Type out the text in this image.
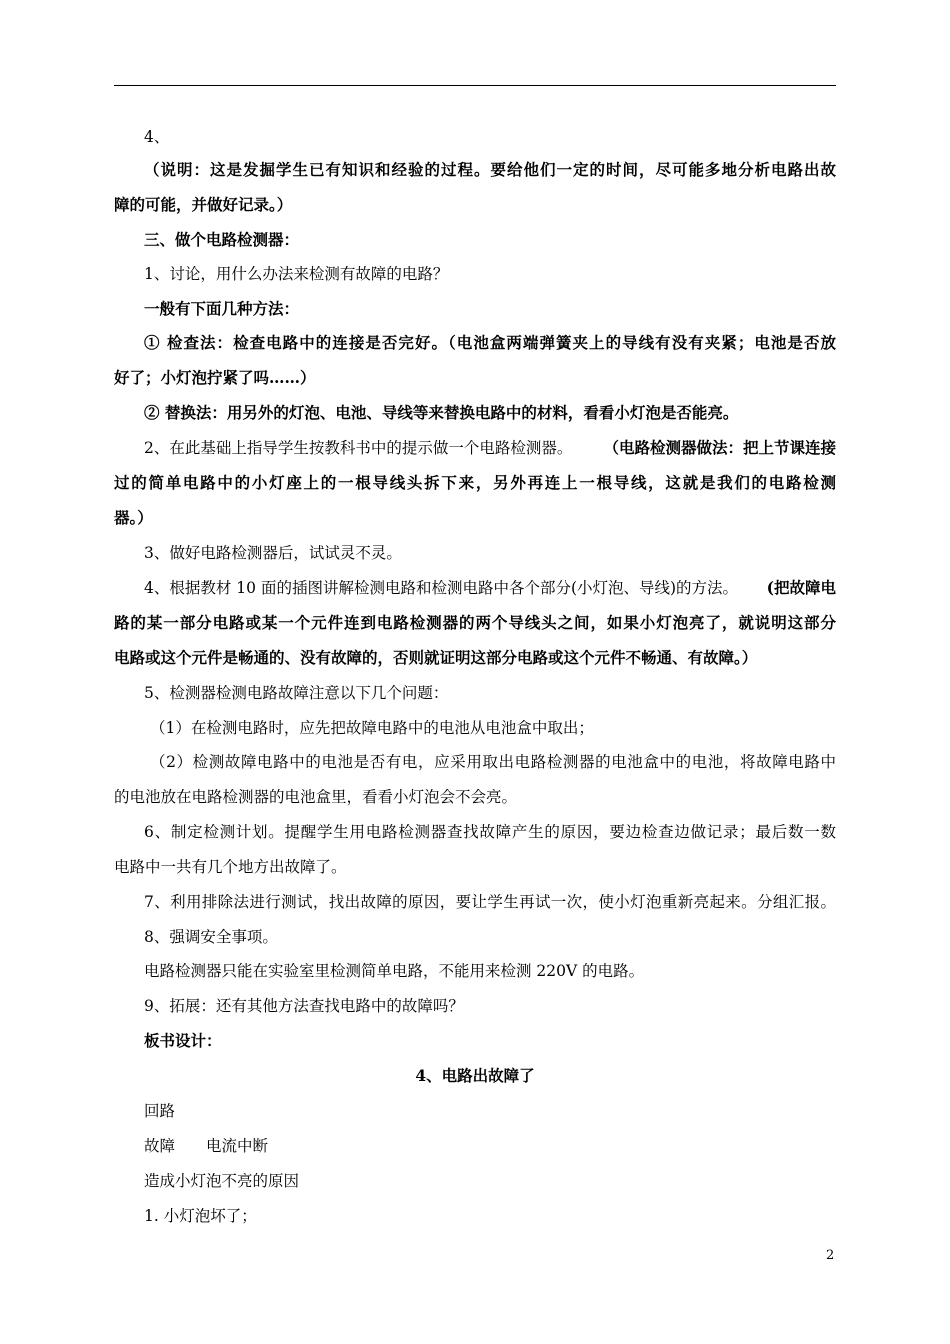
4、
（说明：这是发掘学生已有知识和经验的过程。要给他们一定的时间，尽可能多地分析电路出故
障的可能，并做好记录。）
三、做个电路检测器：
1、讨论，用什么办法来检测有故障的电路？
一般有下面几种方法：
① 检查法：检查电路中的连接是否完好。（电池盒两端弹簧夹上的导线有没有夹紧；电池是否放
好了；小灯泡拧紧了吗……）
② 替换法：用另外的灯泡、电池、导线等来替换电路中的材料，看看小灯泡是否能亮。
2、在此基础上指导学生按教科书中的提示做一个电路检测器。 （电路检测器做法：把上节课连接
过的简单电路中的小灯座上的一根导线头拆下来，另外再连上一根导线，这就是我们的电路检测
器。）
3、做好电路检测器后，试试灵不灵。
4、根据教材 10 面的插图讲解检测电路和检测电路中各个部分(小灯泡、导线)的方法。 (把故障电
路的某一部分电路或某一个元件连到电路检测器的两个导线头之间，如果小灯泡亮了，就说明这部分
电路或这个元件是畅通的、没有故障的，否则就证明这部分电路或这个元件不畅通、有故障。）
5、检测器检测电路故障注意以下几个问题：
（1）在检测电路时，应先把故障电路中的电池从电池盒中取出；
（2）检测故障电路中的电池是否有电，应采用取出电路检测器的电池盒中的电池，将故障电路中
的电池放在电路检测器的电池盒里，看看小灯泡会不会亮。
6、制定检测计划。提醒学生用电路检测器查找故障产生的原因，要边检查边做记录；最后数一数
电路中一共有几个地方出故障了。
7、利用排除法进行测试，找出故障的原因，要让学生再试一次，使小灯泡重新亮起来。分组汇报。
8、强调安全事项。
电路检测器只能在实验室里检测简单电路，不能用来检测 220V 的电路。
9、拓展：还有其他方法查找电路中的故障吗？
板书设计：
4、电路出故障了
回路
故障　　电流中断
造成小灯泡不亮的原因
1. 小灯泡坏了；
2
